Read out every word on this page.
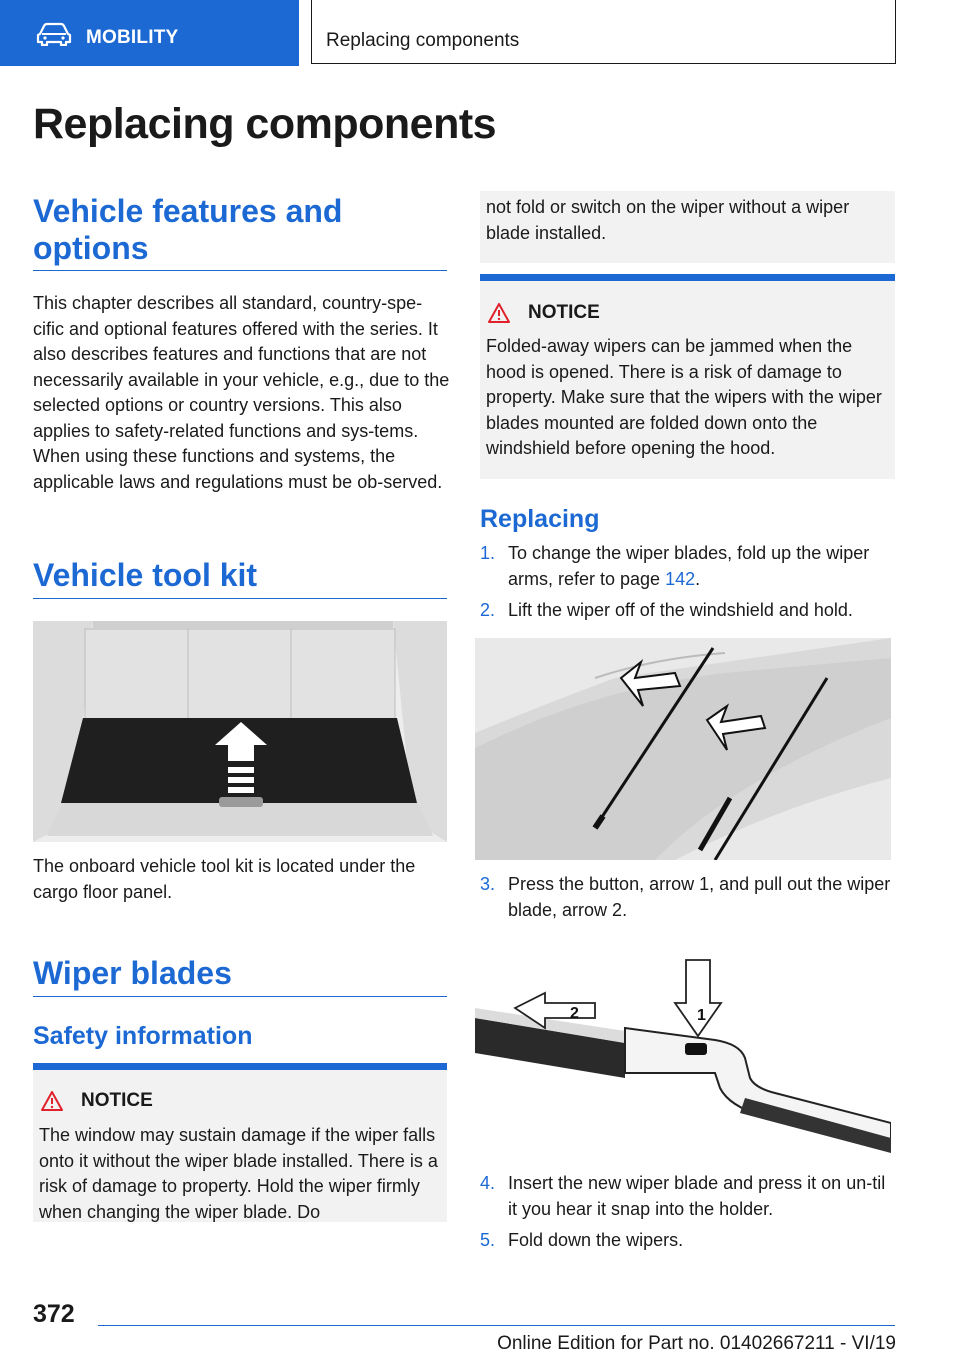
MOBILITY	Replacing components
Replacing components
Vehicle features and options

This chapter describes all standard, country-spe-cific and optional features offered with the series. It also describes features and functions that are not necessarily available in your vehicle, e.g., due to the selected options or country versions. This also applies to safety-related functions and sys-tems. When using these functions and systems, the applicable laws and regulations must be ob-served.

Vehicle tool kit

The onboard vehicle tool kit is located under the cargo floor panel.

Wiper blades
Safety information
NOTICE

The window may sustain damage if the wiper falls onto it without the wiper blade installed. There is a risk of damage to property. Hold the wiper firmly when changing the wiper blade. Do

not fold or switch on the wiper without a wiper blade installed.

NOTICE

Folded-away wipers can be jammed when the hood is opened. There is a risk of damage to property. Make sure that the wipers with the wiper blades mounted are folded down onto the windshield before opening the hood.

Replacing
1. To change the wiper blades, fold up the wiper arms, refer to page 142.
2. Lift the wiper off of the windshield and hold.
3. Press the button, arrow 1, and pull out the wiper blade, arrow 2.
1
2
4. Insert the new wiper blade and press it on un-til it you hear it snap into the holder.
5. Fold down the wipers.
372
Online Edition for Part no. 01402667211 - VI/19
